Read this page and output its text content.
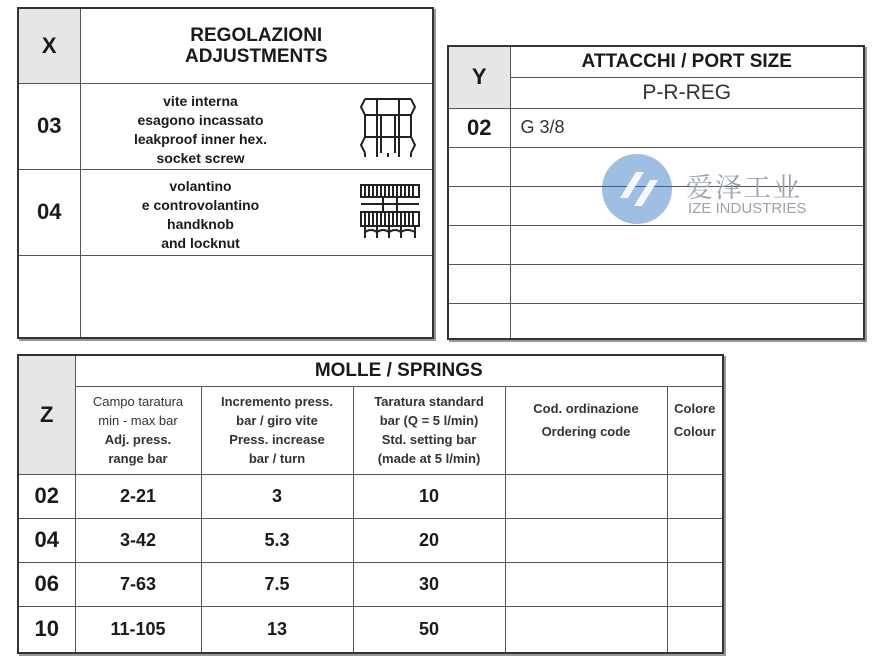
X	REGOLAZIONI
ADJUSTMENTS

03	vite interna
esagono incassato
leakproof inner hex.
socket screw

04	volantino
e controvolantino
handknob
and locknut

Y	ATTACCHI / PORT SIZE
	P-R-REG
02	G 3/8

Z	MOLLE / SPRINGS				

	Campo taratura
min - max bar
Adj. press.
range bar	Incremento press.
bar / giro vite
Press. increase
bar / turn	Taratura standard
bar (Q = 5 l/min)
Std. setting bar
(made at 5 l/min)	Cod. ordinazione
Ordering code	Colore
Colour

02	2-21	3	10		
04	3-42	5.3	20		
06	7-63	7.5	30		
10	11-105	13	50		
爱泽工业
IZE INDUSTRIES
